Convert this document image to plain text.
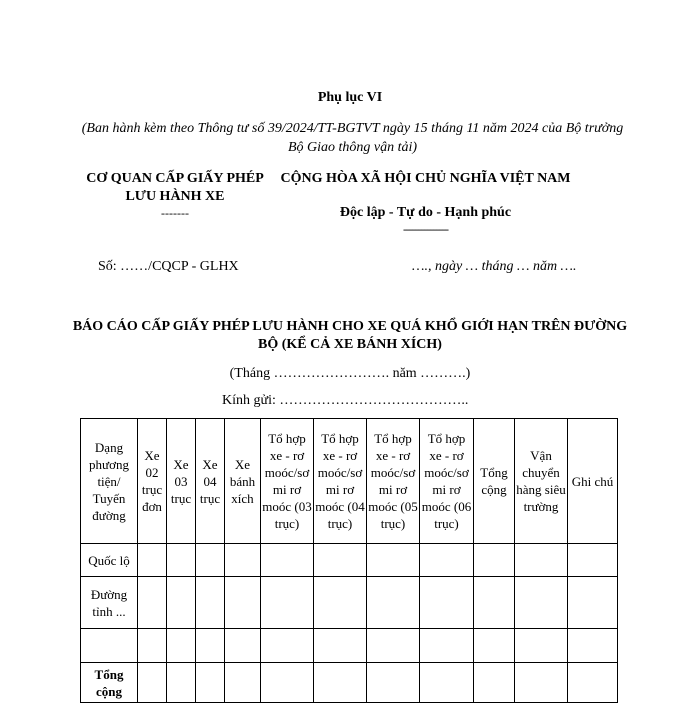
Phụ lục VI
(Ban hành kèm theo Thông tư số 39/2024/TT-BGTVT ngày 15 tháng 11 năm 2024 của Bộ trưởng Bộ Giao thông vận tải)
CƠ QUAN CẤP GIẤY PHÉP LƯU HÀNH XE
-------
CỘNG HÒA XÃ HỘI CHỦ NGHĨA VIỆT NAM
Độc lập - Tự do - Hạnh phúc
---------------
Số: ……/CQCP - GLHX	…., ngày … tháng … năm ….
BÁO CÁO CẤP GIẤY PHÉP LƯU HÀNH CHO XE QUÁ KHỔ GIỚI HẠN TRÊN ĐƯỜNG BỘ (KỂ CẢ XE BÁNH XÍCH)
(Tháng ……………………. năm ……….)
Kính gửi: …………………………………..
Dạng phương tiện/ Tuyến đường	Xe 02 trục đơn	Xe 03 trục	Xe 04 trục	Xe bánh xích	Tổ hợp xe - rơ moóc/sơ mi rơ moóc (03 trục)	Tổ hợp xe - rơ moóc/sơ mi rơ moóc (04 trục)	Tổ hợp xe - rơ moóc/sơ mi rơ moóc (05 trục)	Tổ hợp xe - rơ moóc/sơ mi rơ moóc (06 trục)	Tổng cộng	Vận chuyển hàng siêu trường	Ghi chú
Quốc lộ											
Đường tỉnh ...											

Tổng cộng											
